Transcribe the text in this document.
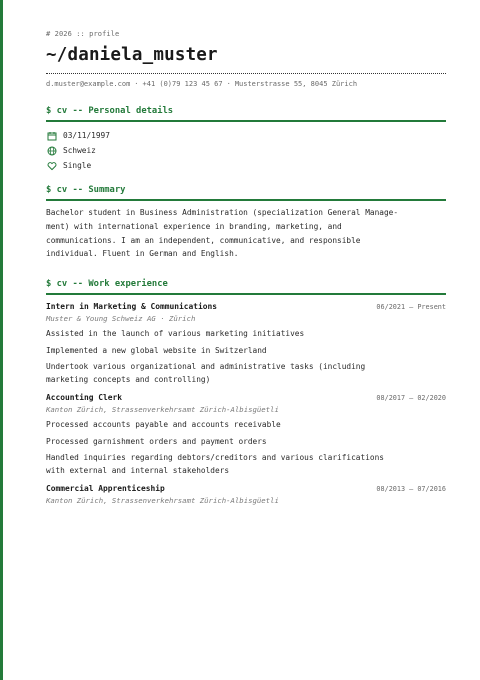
# 2026 :: profile
~/daniela_muster
d.muster@example.com · +41 (0)79 123 45 67 · Musterstrasse 55, 8045 Zürich
$ cv -- Personal details
03/11/1997
Schweiz
Single
$ cv -- Summary
Bachelor student in Business Administration (specialization General Manage-
ment) with international experience in branding, marketing, and
communications. I am an independent, communicative, and responsible
individual. Fluent in German and English.
$ cv -- Work experience
Intern in Marketing & Communications	06/2021 – Present
Muster & Young Schweiz AG · Zürich
Assisted in the launch of various marketing initiatives
Implemented a new global website in Switzerland
Undertook various organizational and administrative tasks (including
marketing concepts and controlling)
Accounting Clerk	08/2017 – 02/2020
Kanton Zürich, Strassenverkehrsamt Zürich-Albisgüetli
Processed accounts payable and accounts receivable
Processed garnishment orders and payment orders
Handled inquiries regarding debtors/creditors and various clarifications
with external and internal stakeholders
Commercial Apprenticeship	08/2013 – 07/2016
Kanton Zürich, Strassenverkehrsamt Zürich-Albisgüetli
